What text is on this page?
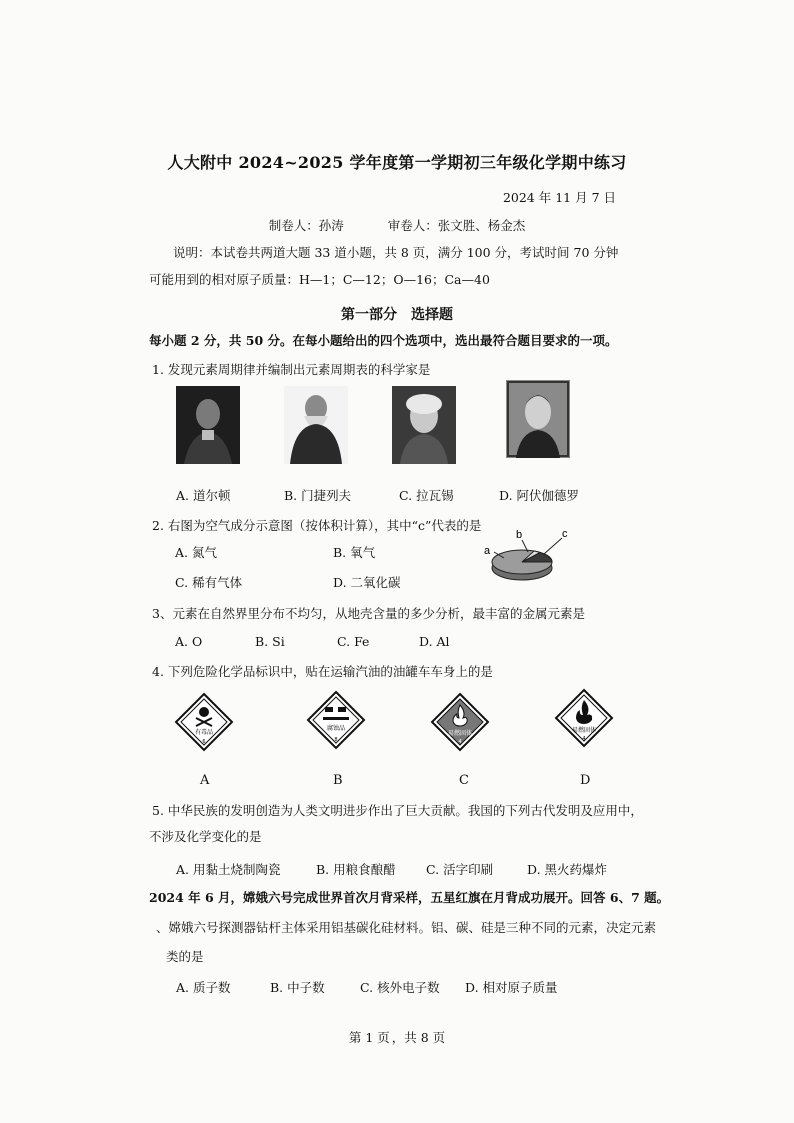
人大附中 2024~2025 学年度第一学期初三年级化学期中练习
2024 年 11 月 7 日
制卷人：孙涛	审卷人：张文胜、杨金杰
说明：本试卷共两道大题 33 道小题，共 8 页，满分 100 分，考试时间 70 分钟
可能用到的相对原子质量：H—1；C—12；O—16；Ca—40
第一部分 选择题
每小题 2 分，共 50 分。在每小题给出的四个选项中，选出最符合题目要求的一项。
1. 发现元素周期律并编制出元素周期表的科学家是
A. 道尔顿	B. 门捷列夫	C. 拉瓦锡	D. 阿伏伽德罗
2. 右图为空气成分示意图（按体积计算），其中“c”代表的是
A. 氮气	B. 氧气
C. 稀有气体	D. 二氧化碳
a
b	c
3、元素在自然界里分布不均匀，从地壳含量的多少分析，最丰富的金属元素是
A. O	B. Si	C. Fe	D. Al
4. 下列危险化学品标识中，贴在运输汽油的油罐车车身上的是
有毒品
6
腐蚀品
8
易燃固体
4
易燃固体
4
A	B	C	D
5. 中华民族的发明创造为人类文明进步作出了巨大贡献。我国的下列古代发明及应用中，
不涉及化学变化的是
A. 用黏土烧制陶瓷	B. 用粮食酿醋 C. 活字印刷	D. 黑火药爆炸
2024 年 6 月，嫦娥六号完成世界首次月背采样，五星红旗在月背成功展开。回答 6、7 题。
、嫦娥六号探测器钻杆主体采用铝基碳化硅材料。铝、碳、硅是三种不同的元素，决定元素
类的是
A. 质子数	B. 中子数	C. 核外电子数 D. 相对原子质量
第 1 页 ，共 8 页
